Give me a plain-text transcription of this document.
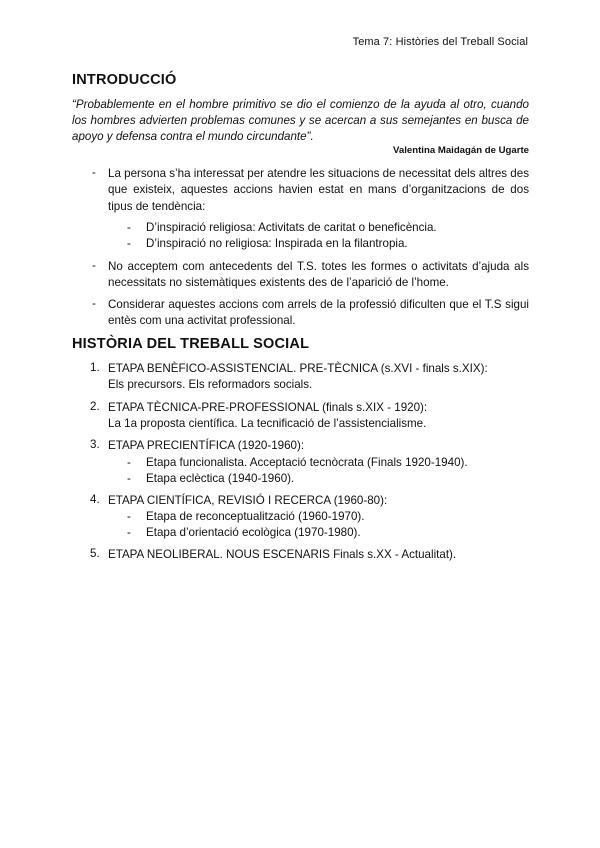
Tema 7: Històries del Treball Social
INTRODUCCIÓ
“Probablemente en el hombre primitivo se dio el comienzo de la ayuda al otro, cuando los hombres advierten problemas comunes y se acercan a sus semejantes en busca de apoyo y defensa contra el mundo circundante”.
Valentina Maidagán de Ugarte
- La persona s’ha interessat per atendre les situacions de necessitat dels altres des que existeix, aquestes accions havien estat en mans d’organitzacions de dos tipus de tendència:
- D’inspiració religiosa: Activitats de caritat o beneficència.
- D’inspiració no religiosa: Inspirada en la filantropia.
- No acceptem com antecedents del T.S. totes les formes o activitats d’ajuda als necessitats no sistemàtiques existents des de l’aparició de l’home.
- Considerar aquestes accions com arrels de la professió dificulten que el T.S sigui entès com una activitat professional.
HISTÒRIA DEL TREBALL SOCIAL
1. ETAPA BENÈFICO-ASSISTENCIAL. PRE-TÈCNICA (s.XVI - finals s.XIX):
Els precursors. Els reformadors socials.
2. ETAPA TÈCNICA-PRE-PROFESSIONAL (finals s.XIX - 1920):
La 1a proposta científica. La tecnificació de l’assistencialisme.
3. ETAPA PRECIENTÍFICA (1920-1960):
- Etapa funcionalista. Acceptació tecnòcrata (Finals 1920-1940).
- Etapa eclèctica (1940-1960).
4. ETAPA CIENTÍFICA, REVISIÓ I RECERCA (1960-80):
- Etapa de reconceptualització (1960-1970).
- Etapa d’orientació ecològica (1970-1980).
5. ETAPA NEOLIBERAL. NOUS ESCENARIS Finals s.XX - Actualitat).
